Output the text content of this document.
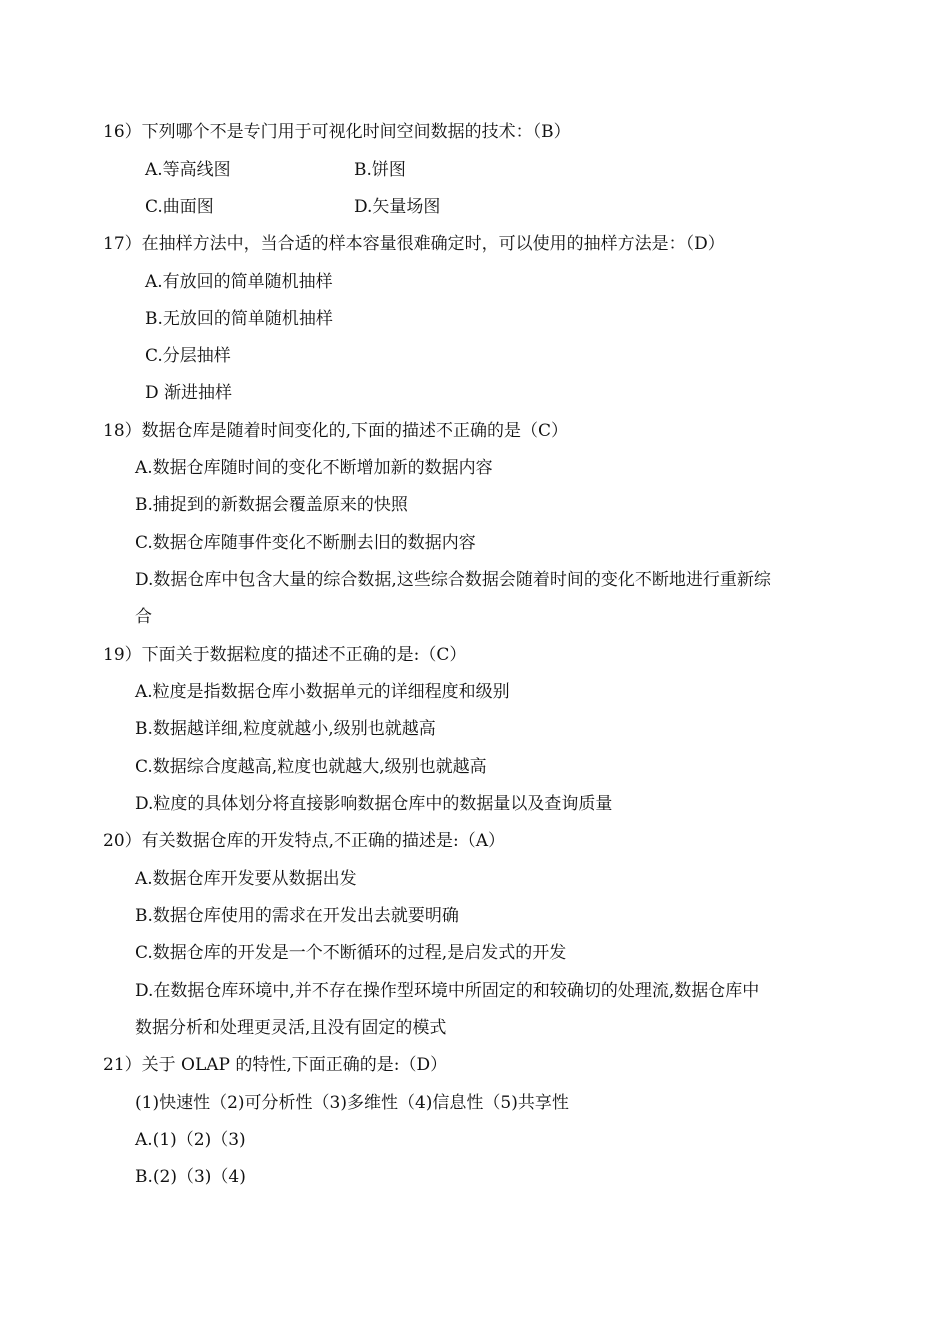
16）下列哪个不是专门用于可视化时间空间数据的技术：（B）
A.等高线图	B.饼图
C.曲面图	D.矢量场图
17）在抽样方法中，当合适的样本容量很难确定时，可以使用的抽样方法是：（D）
A.有放回的简单随机抽样
B.无放回的简单随机抽样
C.分层抽样
D 渐进抽样
18）数据仓库是随着时间变化的,下面的描述不正确的是（C）
A.数据仓库随时间的变化不断增加新的数据内容
B.捕捉到的新数据会覆盖原来的快照
C.数据仓库随事件变化不断删去旧的数据内容
D.数据仓库中包含大量的综合数据,这些综合数据会随着时间的变化不断地进行重新综
合
19）下面关于数据粒度的描述不正确的是:（C）
A.粒度是指数据仓库小数据单元的详细程度和级别
B.数据越详细,粒度就越小,级别也就越高
C.数据综合度越高,粒度也就越大,级别也就越高
D.粒度的具体划分将直接影响数据仓库中的数据量以及查询质量
20）有关数据仓库的开发特点,不正确的描述是:（A）
A.数据仓库开发要从数据出发
B.数据仓库使用的需求在开发出去就要明确
C.数据仓库的开发是一个不断循环的过程,是启发式的开发
D.在数据仓库环境中,并不存在操作型环境中所固定的和较确切的处理流,数据仓库中
数据分析和处理更灵活,且没有固定的模式
21）关于 OLAP 的特性,下面正确的是:（D）
(1)快速性（2)可分析性（3)多维性（4)信息性（5)共享性
A.(1)（2)（3)
B.(2)（3)（4)
